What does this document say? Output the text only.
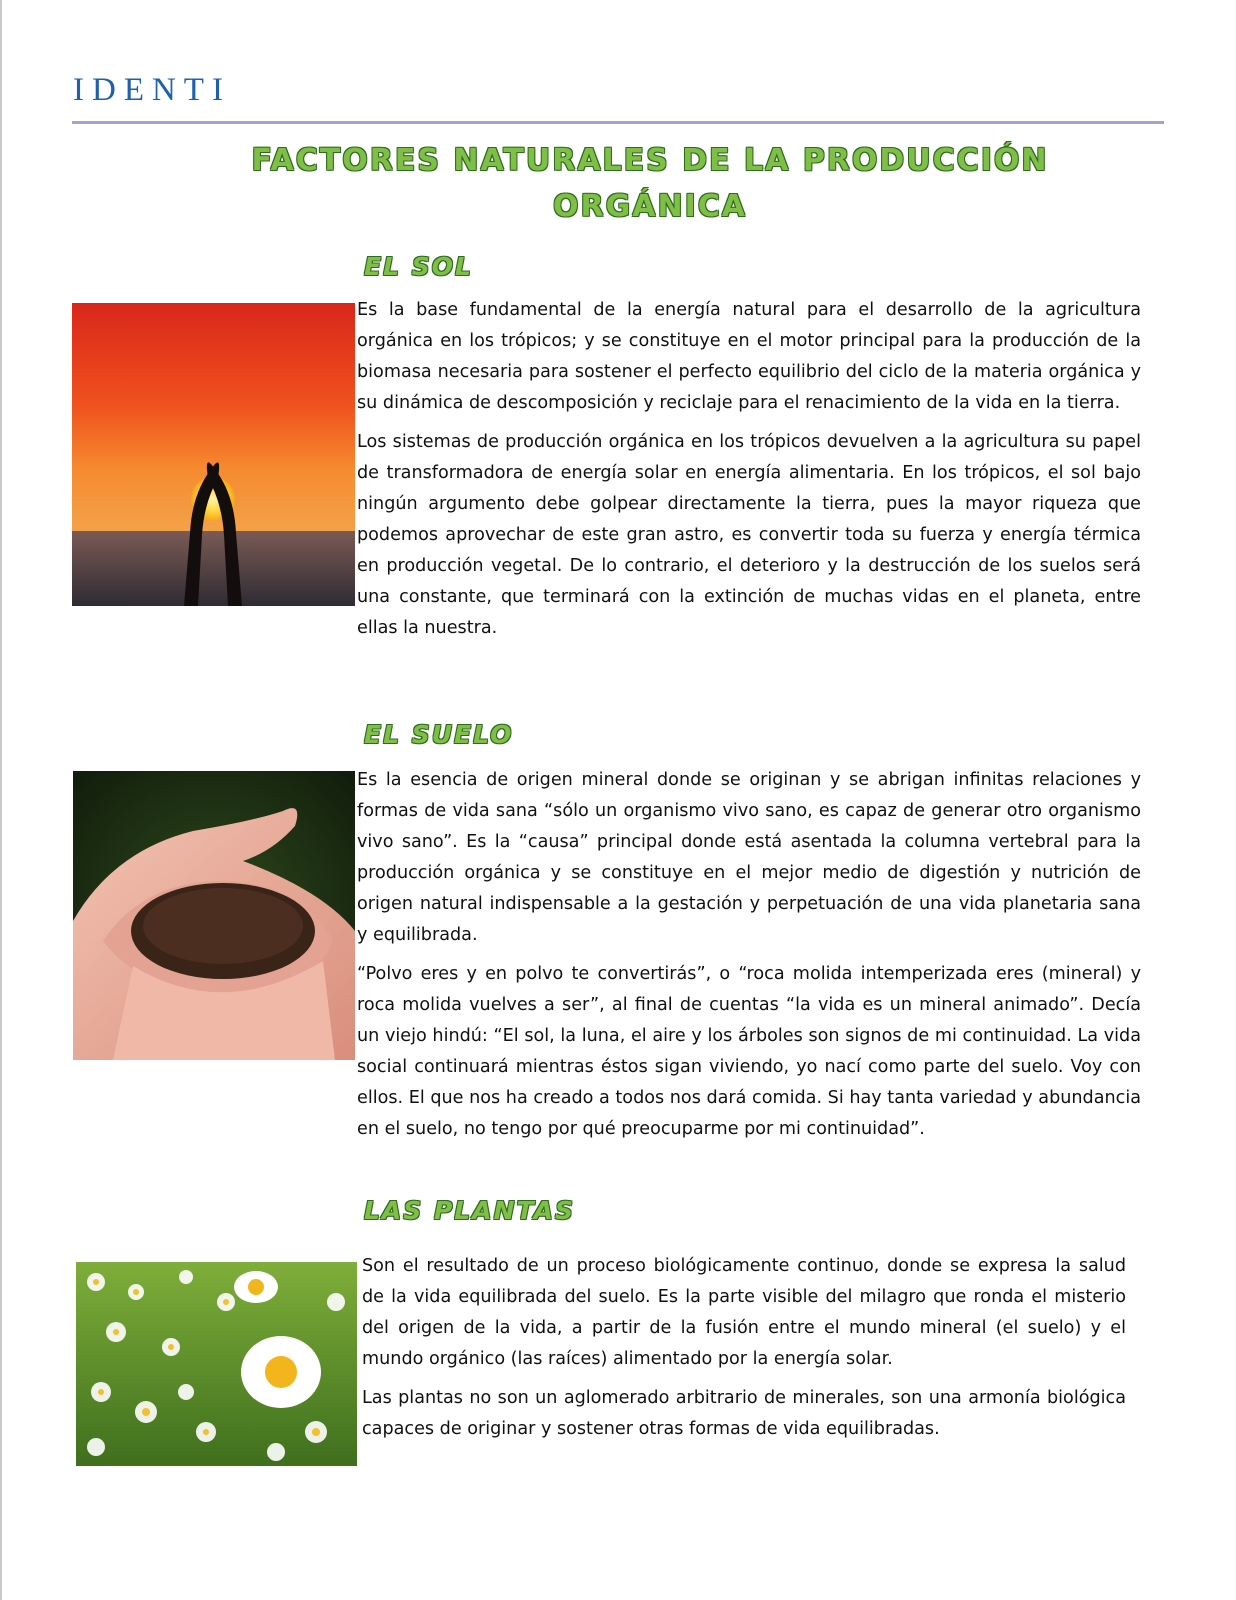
IDENTI
FACTORES NATURALES DE LA PRODUCCIÓN
ORGÁNICA
EL SOL

Es la base fundamental de la energía natural para el desarrollo de la agricultura orgánica en los trópicos; y se constituye en el motor principal para la producción de la biomasa necesaria para sostener el perfecto equilibrio del ciclo de la materia orgánica y su dinámica de descomposición y reciclaje para el renacimiento de la vida en la tierra.

Los sistemas de producción orgánica en los trópicos devuelven a la agricultura su papel de transformadora de energía solar en energía alimentaria. En los trópicos, el sol bajo ningún argumento debe golpear directamente la tierra, pues la mayor riqueza que podemos aprovechar de este gran astro, es convertir toda su fuerza y energía térmica en producción vegetal. De lo contrario, el deterioro y la destrucción de los suelos será una constante, que terminará con la extinción de muchas vidas en el planeta, entre ellas la nuestra.

EL SUELO

Es la esencia de origen mineral donde se originan y se abrigan infinitas relaciones y formas de vida sana “sólo un organismo vivo sano, es capaz de generar otro organismo vivo sano”. Es la “causa” principal donde está asentada la columna vertebral para la producción orgánica y se constituye en el mejor medio de digestión y nutrición de origen natural indispensable a la gestación y perpetuación de una vida planetaria sana y equilibrada.

“Polvo eres y en polvo te convertirás”, o “roca molida intemperizada eres (mineral) y roca molida vuelves a ser”, al final de cuentas “la vida es un mineral animado”. Decía un viejo hindú: “El sol, la luna, el aire y los árboles son signos de mi continuidad. La vida social continuará mientras éstos sigan viviendo, yo nací como parte del suelo. Voy con ellos. El que nos ha creado a todos nos dará comida. Si hay tanta variedad y abundancia en el suelo, no tengo por qué preocuparme por mi continuidad”.

LAS PLANTAS

Son el resultado de un proceso biológicamente continuo, donde se expresa la salud de la vida equilibrada del suelo. Es la parte visible del milagro que ronda el misterio del origen de la vida, a partir de la fusión entre el mundo mineral (el suelo) y el mundo orgánico (las raíces) alimentado por la energía solar.

Las plantas no son un aglomerado arbitrario de minerales, son una armonía biológica capaces de originar y sostener otras formas de vida equilibradas.
